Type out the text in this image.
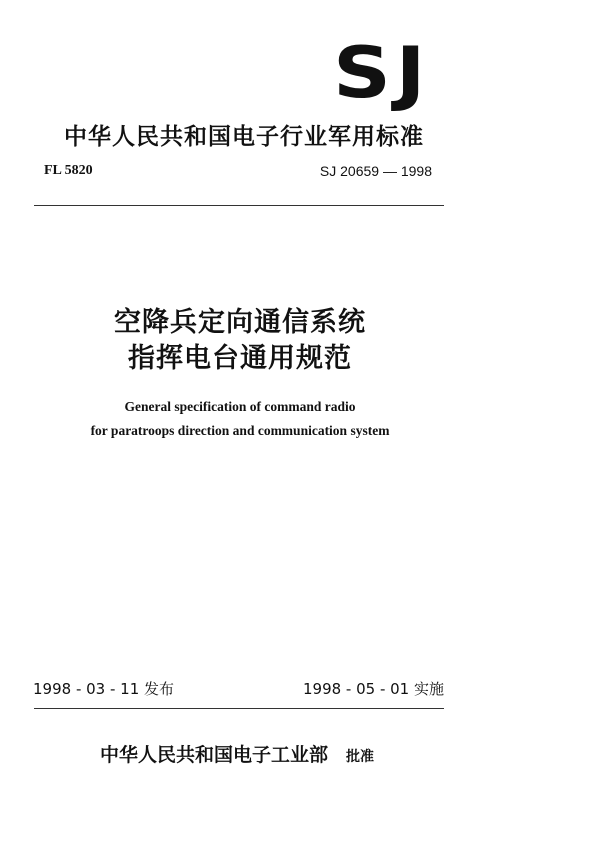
SJ
中华人民共和国电子行业军用标准
FL 5820	SJ 20659 — 1998
空降兵定向通信系统
指挥电台通用规范
General specification of command radio
for paratroops direction and communication system
1998 - 03 - 11 发布	1998 - 05 - 01 实施
中华人民共和国电子工业部 批准
